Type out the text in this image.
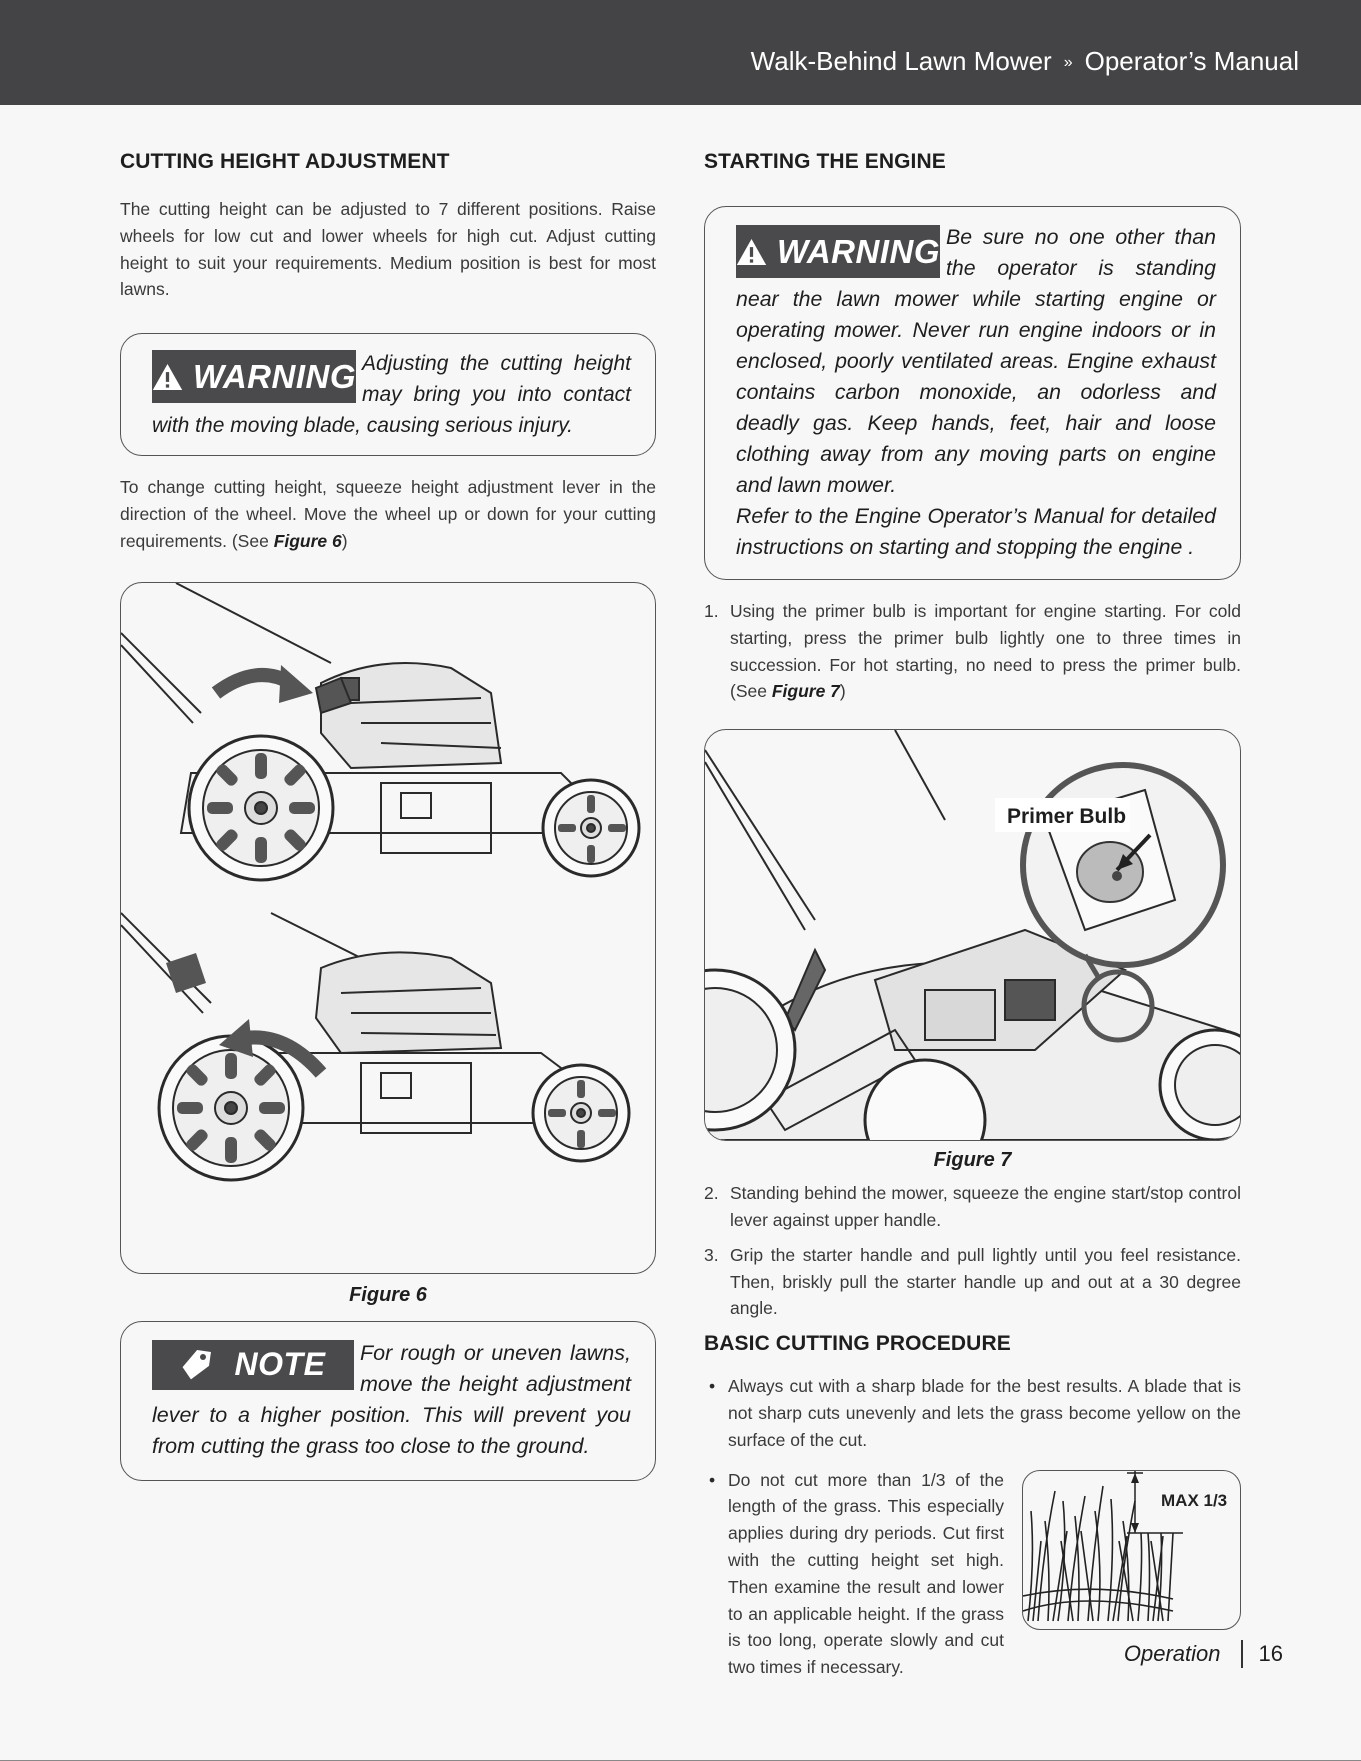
Walk-Behind Lawn Mower » Operator’s Manual
CUTTING HEIGHT ADJUSTMENT

The cutting height can be adjusted to 7 different positions. Raise wheels for low cut and lower wheels for high cut. Adjust cutting height to suit your requirements. Medium position is best for most lawns.

WARNING Adjusting the cutting height may bring you into contact with the moving blade, causing serious injury.

To change cutting height, squeeze height adjustment lever in the direction of the wheel. Move the wheel up or down for your cutting requirements. (See Figure 6)

Figure 6
NOTE	For rough or uneven lawns, move the height adjustment lever to a higher position. This will prevent you from cutting the grass too close to the ground.

STARTING THE ENGINE
WARNING Be sure no one other than the operator is standing near the lawn mower while starting engine or operating mower. Never run engine indoors or in enclosed, poorly ventilated areas. Engine exhaust contains carbon monoxide, an odorless and deadly gas. Keep hands, feet, hair and loose clothing away from any moving parts on engine and lawn mower.

Refer to the Engine Operator’s Manual for detailed instructions on starting and stopping the engine .

1. Using the primer bulb is important for engine starting. For cold starting, press the primer bulb lightly one to three times in succession. For hot starting, no need to press the primer bulb. (See Figure 7)
Primer Bulb
Figure 7
2. Standing behind the mower, squeeze the engine start/stop control lever against upper handle.
3. Grip the starter handle and pull lightly until you feel resistance. Then, briskly pull the starter handle up and out at a 30 degree angle.
BASIC CUTTING PROCEDURE
• Always cut with a sharp blade for the best results. A blade that is not sharp cuts unevenly and lets the grass become yellow on the surface of the cut.
• Do not cut more than 1/3 of the length of the grass. This especially applies during dry periods. Cut first with the cutting height set high. Then examine the result and lower to an applicable height. If the grass is too long, operate slowly and cut two times if necessary.
MAX 1/3
Operation 16
